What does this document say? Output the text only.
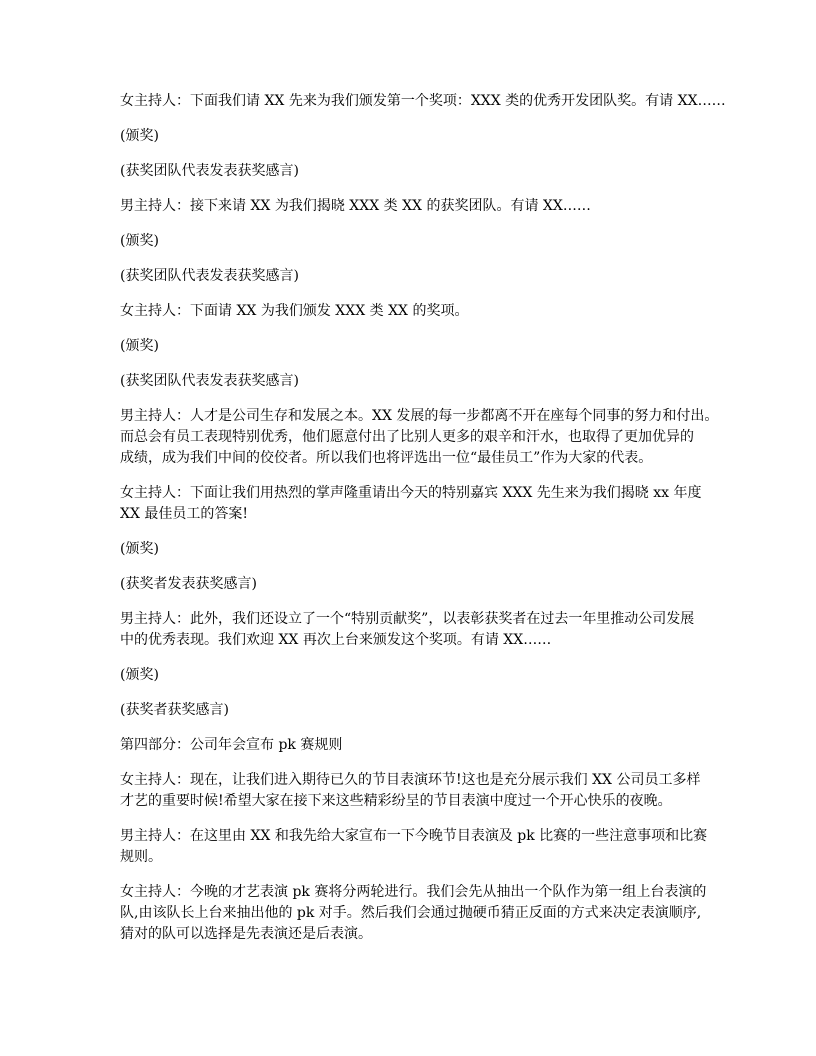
女主持人：下面我们请 XX 先来为我们颁发第一个奖项：XXX 类的优秀开发团队奖。有请 XX……

(颁奖)

(获奖团队代表发表获奖感言)

男主持人：接下来请 XX 为我们揭晓 XXX 类 XX 的获奖团队。有请 XX……

(颁奖)

(获奖团队代表发表获奖感言)

女主持人：下面请 XX 为我们颁发 XXX 类 XX 的奖项。

(颁奖)

(获奖团队代表发表获奖感言)

男主持人：人才是公司生存和发展之本。XX 发展的每一步都离不开在座每个同事的努力和付出。
而总会有员工表现特别优秀，他们愿意付出了比别人更多的艰辛和汗水，也取得了更加优异的
成绩，成为我们中间的佼佼者。所以我们也将评选出一位“最佳员工”作为大家的代表。

女主持人：下面让我们用热烈的掌声隆重请出今天的特别嘉宾 XXX 先生来为我们揭晓 xx 年度
XX 最佳员工的答案!

(颁奖)

(获奖者发表获奖感言)

男主持人：此外，我们还设立了一个“特别贡献奖”，以表彰获奖者在过去一年里推动公司发展
中的优秀表现。我们欢迎 XX 再次上台来颁发这个奖项。有请 XX……

(颁奖)

(获奖者获奖感言)

第四部分：公司年会宣布 pk 赛规则

女主持人：现在，让我们进入期待已久的节目表演环节!这也是充分展示我们 XX 公司员工多样
才艺的重要时候!希望大家在接下来这些精彩纷呈的节目表演中度过一个开心快乐的夜晚。

男主持人：在这里由 XX 和我先给大家宣布一下今晚节目表演及 pk 比赛的一些注意事项和比赛
规则。

女主持人：今晚的才艺表演 pk 赛将分两轮进行。我们会先从抽出一个队作为第一组上台表演的
队,由该队长上台来抽出他的 pk 对手。然后我们会通过抛硬币猜正反面的方式来决定表演顺序,
猜对的队可以选择是先表演还是后表演。
